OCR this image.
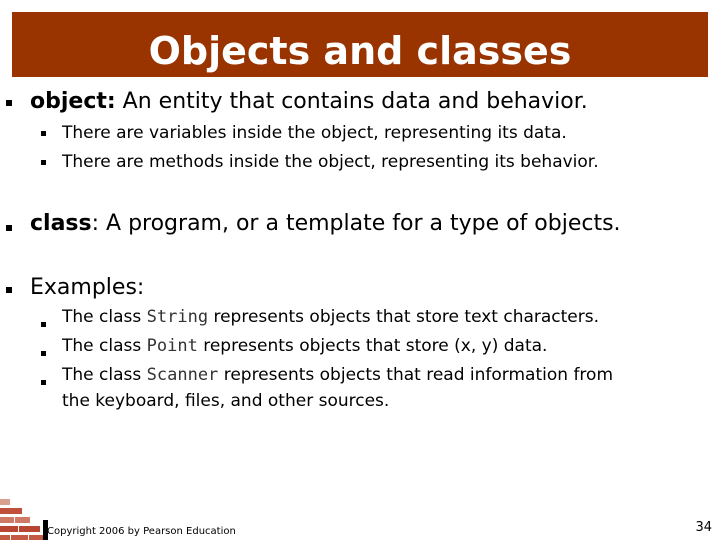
Objects and classes
object: An entity that contains data and behavior.
There are variables inside the object, representing its data.
There are methods inside the object, representing its behavior.
class: A program, or a template for a type of objects.
Examples:
The class String represents objects that store text characters.
The class Point represents objects that store (x, y) data.
The class Scanner represents objects that read information from
the keyboard, files, and other sources.
Copyright 2006 by Pearson Education	34
